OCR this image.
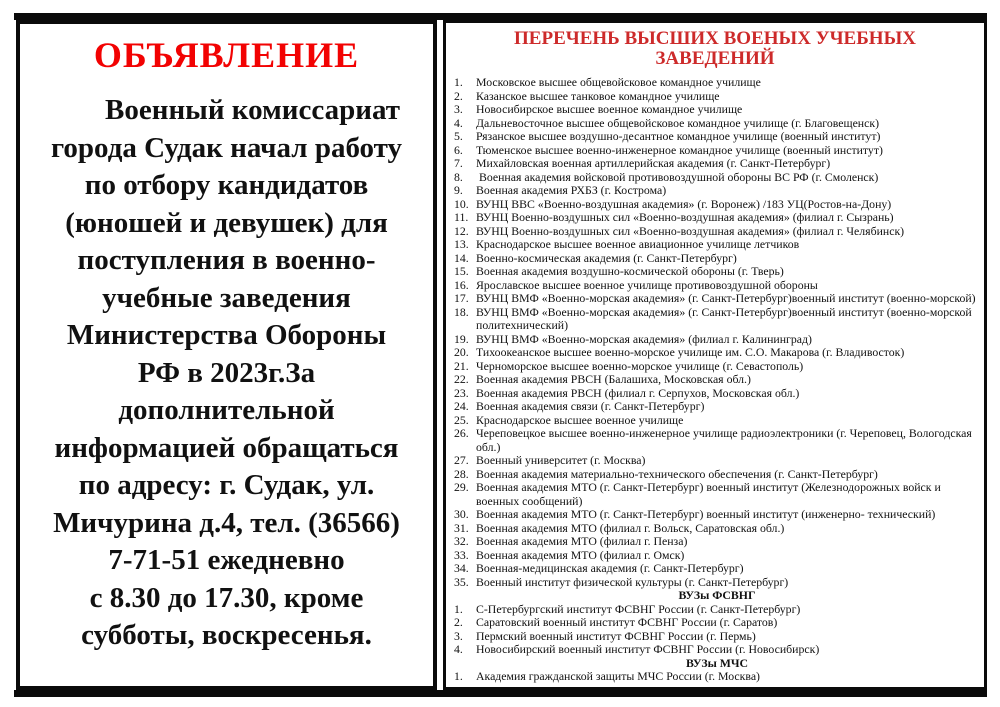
ОБЪЯВЛЕНИЕ
Военный комиссариат
города Судак начал работу
по отбору кандидатов
(юношей и девушек) для
поступления в военно-
учебные заведения
Министерства Обороны
РФ в 2023г.За
дополнительной
информацией обращаться
по адресу: г. Судак, ул.
Мичурина д.4, тел. (36566)
7-71-51 ежедневно
с 8.30 до 17.30, кроме
субботы, воскресенья.
ПЕРЕЧЕНЬ ВЫСШИХ ВОЕНЫХ УЧЕБНЫХ ЗАВЕДЕНИЙ
1.	Московское высшее общевойсковое командное училище
2.	Казанское высшее танковое командное училище
3.	Новосибирское высшее военное командное училище
4.	Дальневосточное высшее общевойсковое командное училище (г. Благовещенск)
5.	Рязанское высшее воздушно-десантное командное училище (военный институт)
6.	Тюменское высшее военно-инженерное командное училище (военный институт)
7.	Михайловская военная артиллерийская академия (г. Санкт-Петербург)
8.	Военная академия войсковой противовоздушной обороны ВС РФ (г. Смоленск)
9.	Военная академия РХБЗ (г. Кострома)
10. ВУНЦ ВВС «Военно-воздушная академия» (г. Воронеж) /183 УЦ(Ростов-на-Дону)
11. ВУНЦ Военно-воздушных сил «Военно-воздушная академия» (филиал г. Сызрань)
12. ВУНЦ Военно-воздушных сил «Военно-воздушная академия» (филиал г. Челябинск)
13. Краснодарское высшее военное авиационное училище летчиков
14. Военно-космическая академия (г. Санкт-Петербург)
15. Военная академия воздушно-космической обороны (г. Тверь)
16. Ярославское высшее военное училище противовоздушной обороны
17. ВУНЦ ВМФ «Военно-морская академия» (г. Санкт-Петербург)военный институт (военно-морской)
18. ВУНЦ ВМФ «Военно-морская академия» (г. Санкт-Петербург)военный институт (военно-морской политехнический)
19. ВУНЦ ВМФ «Военно-морская академия» (филиал г. Калининград)
20. Тихоокеанское высшее военно-морское училище им. С.О. Макарова (г. Владивосток)
21. Черноморское высшее военно-морское училище (г. Севастополь)
22. Военная академия РВСН (Балашиха, Московская обл.)
23. Военная академия РВСН (филиал г. Серпухов, Московская обл.)
24. Военная академия связи (г. Санкт-Петербург)
25. Краснодарское высшее военное училище
26. Череповецкое высшее военно-инженерное училище радиоэлектроники (г. Череповец, Вологодская обл.)
27. Военный университет (г. Москва)
28. Военная академия материально-технического обеспечения (г. Санкт-Петербург)
29. Военная академия МТО (г. Санкт-Петербург) военный институт (Железнодорожных войск и военных сообщений)
30. Военная академия МТО (г. Санкт-Петербург) военный институт (инженерно- технический)
31. Военная академия МТО (филиал г. Вольск, Саратовская обл.)
32. Военная академия МТО (филиал г. Пенза)
33. Военная академия МТО (филиал г. Омск)
34. Военная-медицинская академия (г. Санкт-Петербург)
35. Военный институт физической культуры (г. Санкт-Петербург)
ВУЗы ФСВНГ
1.	С-Петербургский институт ФСВНГ России (г. Санкт-Петербург)
2.	Саратовский военный институт ФСВНГ России (г. Саратов)
3.	Пермский военный институт ФСВНГ России (г. Пермь)
4.	Новосибирский военный институт ФСВНГ России (г. Новосибирск)
ВУЗы МЧС
1.	Академия гражданской защиты МЧС России (г. Москва)
